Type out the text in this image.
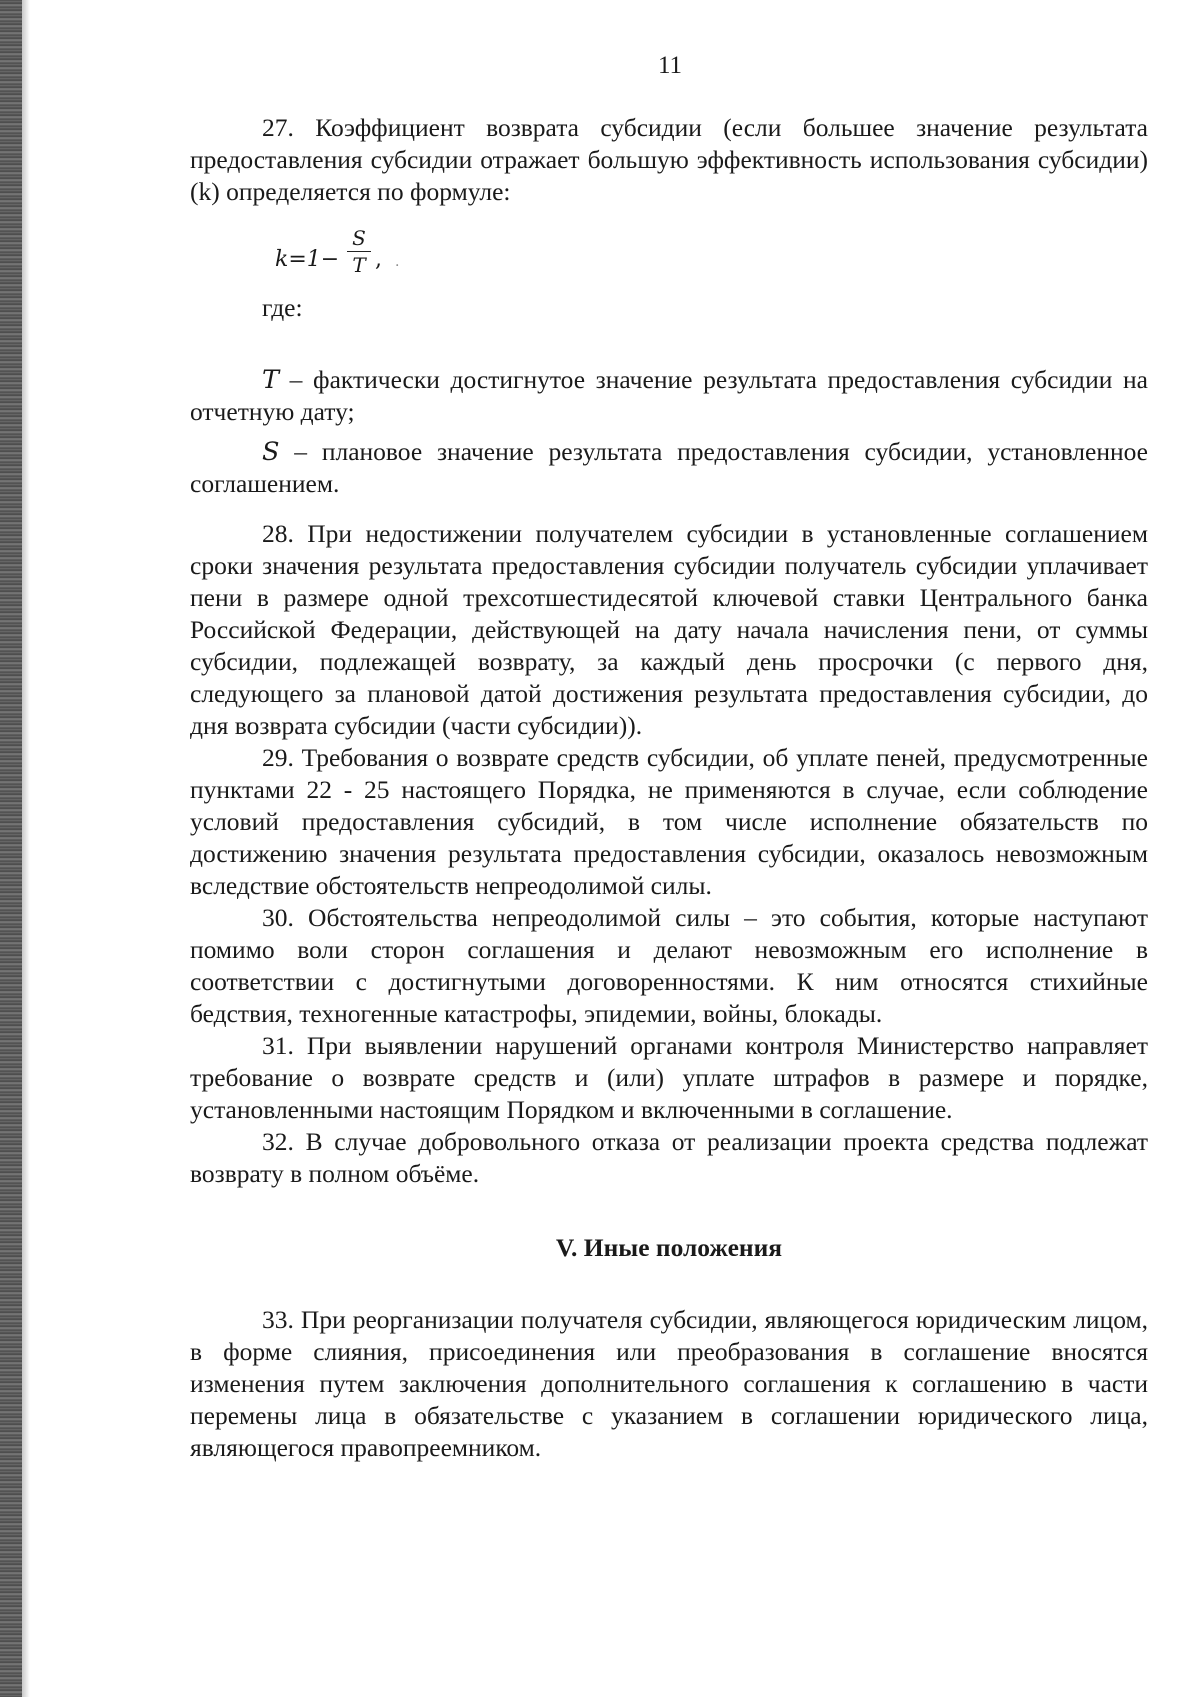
11

27. Коэффициент возврата субсидии (если большее значение результата предоставления субсидии отражает большую эффективность использования субсидии) (k) определяется по формуле:

k=1−
S
T , ·

где:

T – фактически достигнутое значение результата предоставления субсидии на отчетную дату;

S – плановое значение результата предоставления субсидии, установленное соглашением.

28. При недостижении получателем субсидии в установленные соглашением сроки значения результата предоставления субсидии получатель субсидии уплачивает пени в размере одной трехсотшестидесятой ключевой ставки Центрального банка Российской Федерации, действующей на дату начала начисления пени, от суммы субсидии, подлежащей возврату, за каждый день просрочки (с первого дня, следующего за плановой датой достижения результата предоставления субсидии, до дня возврата субсидии (части субсидии)).

29. Требования о возврате средств субсидии, об уплате пеней, предусмотренные пунктами 22 - 25 настоящего Порядка, не применяются в случае, если соблюдение условий предоставления субсидий, в том числе исполнение обязательств по достижению значения результата предоставления субсидии, оказалось невозможным вследствие обстоятельств непреодолимой силы.

30. Обстоятельства непреодолимой силы – это события, которые наступают помимо воли сторон соглашения и делают невозможным его исполнение в соответствии с достигнутыми договоренностями. К ним относятся стихийные бедствия, техногенные катастрофы, эпидемии, войны, блокады.

31. При выявлении нарушений органами контроля Министерство направляет требование о возврате средств и (или) уплате штрафов в размере и порядке, установленными настоящим Порядком и включенными в соглашение.

32. В случае добровольного отказа от реализации проекта средства подлежат возврату в полном объёме.

V. Иные положения

33. При реорганизации получателя субсидии, являющегося юридическим лицом, в форме слияния, присоединения или преобразования в соглашение вносятся изменения путем заключения дополнительного соглашения к соглашению в части перемены лица в обязательстве с указанием в соглашении юридического лица, являющегося правопреемником.
